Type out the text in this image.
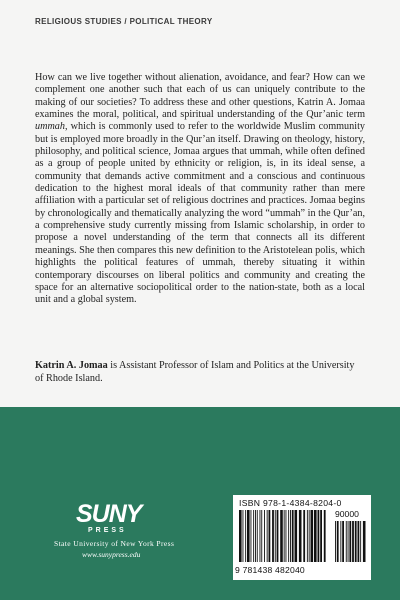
RELIGIOUS STUDIES / POLITICAL THEORY

How can we live together without alienation, avoidance, and fear? How can we complement one another such that each of us can uniquely contribute to the making of our societies? To address these and other questions, Katrin A. Jomaa examines the moral, political, and spiritual understanding of the Qur’anic term ummah, which is commonly used to refer to the worldwide Muslim community but is employed more broadly in the Qur’an itself. Drawing on theology, history, philosophy, and political science, Jomaa argues that ummah, while often defined as a group of people united by ethnicity or religion, is, in its ideal sense, a community that demands active commitment and a conscious and continuous dedication to the highest moral ideals of that community rather than mere affiliation with a particular set of religious doctrines and practices. Jomaa begins by chronologically and thematically analyzing the word “ummah” in the Qur’an, a comprehensive study currently missing from Islamic scholarship, in order to propose a novel understanding of the term that connects all its different meanings. She then compares this new definition to the Aristotelean polis, which highlights the political features of ummah, thereby situating it within contemporary discourses on liberal politics and community and creating the space for an alternative sociopolitical order to the nation-state, both as a local unit and a global system.

Katrin A. Jomaa is Assistant Professor of Islam and Politics at the University of Rhode Island.

SUNY
PRESS

State University of New York Press

www.sunypress.edu

ISBN 978-1-4384-8204-0
90000
9 781438 482040
